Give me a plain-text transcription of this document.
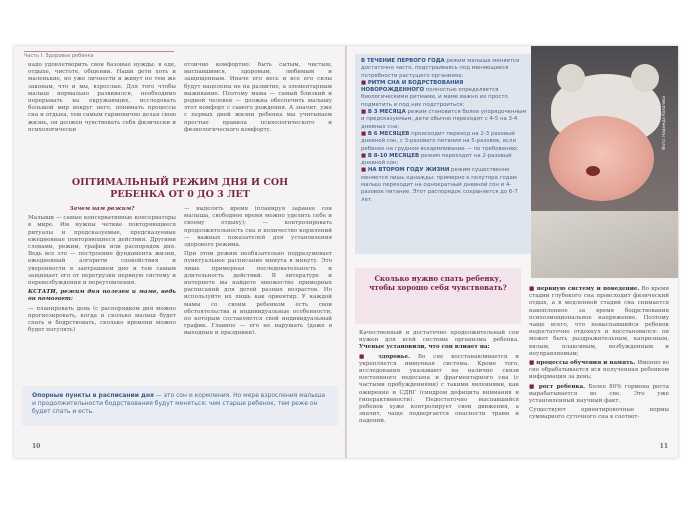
Часть I. Здоровье ребенка

надо удовлетворить свои базовые нужды: в еде, отдыхе, чистоте, общении. Наши дети хоть и маленькие, но уже личности и живут по тем же законам, что и мы, взрослые. Для того чтобы малыш нормально развивался, необходимо перерывать на окружающих, исследовать большой мир вокруг него, понимать процессы сна и отдыха, тем самым гармонично делая свою жизнь, он должен чувствовать себя физически и психологически

отлично комфортно: быть сытым, чистым, выспавшимся, здоровым, любимым и защищенным. Иначе его весь и все его силы будут нацелены не на развитие, а элементарным выживание. Поэтому мама — самый близкий и родной человек — должна обеспечить малышу этот комфорт с самого рождения. А значит, уже с первых дней жизни ребенка мы учитываем простые правила психологического и физиологического комфорту.

ОПТИМАЛЬНЫЙ РЕЖИМ ДНЯ И СОН РЕБЕНКА ОТ 0 ДО 3 ЛЕТ

Зачем нам режим?

Малыши — самые консервативные консерваторы в мире. Им нужны четкие повторяющиеся ритуалы и предсказуемые, предсказуемые ежедневные повторяющиеся действия. Другими словами, режим, график или распорядок дня. Ведь все это — построение фундамента жизни, ежедневный алгоритм спокойствия и уверенности в завтрашнем дне и тем самым защищает его от перегрузки нервную систему и перевозбуждения и переутомления.

КСТАТИ, режим дня полезен и маме, ведь он помогает:

— планировать день (с распорядком дня можно прогнозировать, когда и сколько малыш будет спать и бодрствовать, сколько времени можно будет погулять)

— выделять время (планируя заранее сон малыша, свободное время можно уделить себе и своему отдыху); — контролировать продолжительность сна и количество кормлений — важных показателей для установления здорового режима.

При этом режим необязательно подразумевает пунктуальное расписание минута в минуту. Это лишь примерная последовательность и длительность действий. В литературе и интернете вы найдете множество примерных расписаний для детей разных возрастов. Но используйте их лишь как ориентир. У каждой мамы со своим ребенком есть свои обстоятельства и индивидуальные особенности, по которым составляется свой индивидуальный график. Главное — его не нарушать (даже в выходные и праздники).

Опорные пункты в расписании дня — это сон и кормления. Но мере взросления малыша и продолжительности бодрствования будут меняться: чем старше ребенок, тем реже он будет спать и есть.
10
В ТЕЧЕНИЕ ПЕРВОГО ГОДА режим малыша меняется достаточно часто, подстраиваясь под меняющиеся потребности растущего организма:
■ РИТМ СНА И БОДРСТВОВАНИЯ НОВОРОЖДЕННОГО полностью определяется биологическими ритмами, и маме важно их просто подметить и под них подстроиться;
■ В 3 МЕСЯЦА режим становится более упорядоченным и предсказуемым, дети обычно переходят с 4-5 на 3-4 дневных сна;
■ В 6 МЕСЯЦЕВ происходит переход на 2-3 разовый дневной сон, с 3-разового питания на 5-разовое, если ребенок на грудном вскармливании — по требованию;
■ В 8-10 МЕСЯЦЕВ режим переходит на 2-разовый дневной сон;
■ НА ВТОРОМ ГОДУ ЖИЗНИ режим существенно меняется лишь однажды: примерно к полутора годам малыш переходит на однократный дневной сон и 4-разовое питание. Этот распорядок сохраняется до 6-7 лет.
Фото: Надежда Ковалева
Сколько нужно спать ребенку, чтобы хорошо себя чувствовать?

Качественный и достаточно продолжительный сон нужен для всей системы организма ребенка. Ученые установили, что сон влияет на:

■ здоровье. Во сне восстанавливается и укрепляется иммунная система. Кроме того, исследования указывают на наличие связи постоянного недосыпа и фрагментарного сна (с частыми пробуждениями) с такими явлениями, как ожирение и СДВГ (синдром дефицита внимания и гиперактивности). Недостаточно выспавшийся ребенок хуже контролирует свои движения, а значит, чаще подвергается опасности травм и падений.

■ нервную систему и поведение. Во время стадии глубокого сна происходит физический отдых, а в медленной стадии сна снимается накопленное за время бодрствования психоэмоциональное напряжение. Поэтому чаще всего, что невыспавшийся ребенок недостаточно отдохнул и восстановился: он может быть раздражительным, капризным, вялым, плаксивым, возбужденным и неуправляемым;

■ процессы обучения и память. Именно во сне обрабатывается вся полученная ребенком информация за день;

■ рост ребенка. Более 80% гормона роста вырабатывается во сне. Это уже установленный научный факт.

Существуют ориентировочные нормы суммарного суточного сна в соответ-

11
